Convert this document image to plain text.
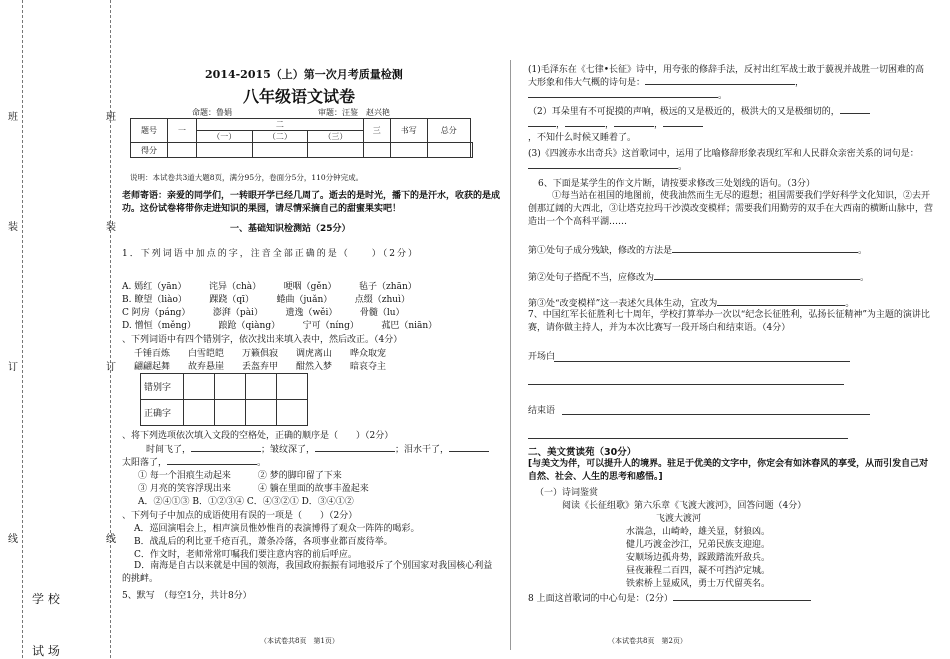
班
装
订
线
班
装
订
线
学 校
试 场
2014-2015（上）第一次月考质量检测
八年级语文试卷
命题：鲁娟	审题：汪鉴　赵兴艳
题号	一	二			三	书写	总分	
		（一）	（二）	（三）				
得分								
说明：本试卷共3道大题8页，满分95分，卷面分5分，110分钟完成。
老师寄语：亲爱的同学们，一转眼开学已经几周了。逝去的是时光，播下的是汗水，收获的是成功。这份试卷将带你走进知识的果园，请尽情采摘自己的甜蜜果实吧！
一、基础知识检测站（25分）
1．下列词语中加点的字，注音全部正确的是（　　）（2分）
A. 嫣红（yān）　　　诧异（chà）　　　哽咽（gěn）　　　毡子（zhān）
B. 瞭望（liào）　　　踝跷（qī）　　　蜷曲（juǎn）　　　点缀（zhuì）
C 阿房（páng）　　　澎湃（pài）　　　遗逸（wěi）　　　骨髓（lu）
D. 憎恒（měng）　　　踉跄（qiàng）　　　宁可（níng）　　　菰巴（niān）
、下列词语中有四个错别字，依次找出来填入表中，然后改正。（4分）
千锤百炼　　白雪皑皑　　万籁俱寂　　调虎离山　　哗众取宠
翩翩起舞　　故弃悬崖　　丢盔弃甲　　酣然入梦　　暗哀夺主
错别字				
正确字				
、将下列选项依次填入文段的空格处，正确的顺序是（　　）（2分）
时间飞了，	；皱纹深了，	；泪水干了，
太阳落了，	。
① 每一个泪痕生动起来　　　② 梦的脚印留了下来
③ 月亮的笑容浮现出来　　　④ 躺在里面的故事丰盈起来
A．②④①③ B．①②③④ C．④③②① D．③④①②
、下列句子中加点的成语使用有误的一项是（　　）（2分）
A．巡回演唱会上，相声演员惟妙惟肖的表演博得了观众一阵阵的喝彩。
B．战乱后的利比亚千疮百孔，萧条冷落，各项事业都百废待举。
C．作文时，老师常常叮嘱我们要注意内容的前后呼应。
D．南海是自古以来就是中国的领海，我国政府振振有词地驳斥了个别国家对我国核心利益的挑衅。
5、默写　（每空1分，共计8分）
（本试卷共8页　第1页）
(1)毛泽东在《七律•长征》诗中，用夸张的修辞手法，反衬出红军战士敢于藐视并战胜一切困难的高大形象和伟大气概的诗句是：	，
。
（2）耳朵里有不可捉摸的声响，极远的又是极近的，极洪大的又是极细切的，
，	，	，
，不知什么时候又睡着了。
(3)《四渡赤水出奇兵》这首歌词中，运用了比喻修辞形象表现红军和人民群众亲密关系的词句是：。
6、下面是某学生的作文片断，请按要求修改三处划线的语句。（3分）
①每当站在祖国的地图前，使我油然而生无尽的遐想；祖国需要我们学好科学文化知识，②去开创那辽阔的大西北，③让塔克拉玛干沙漠改变模样；需要我们用勤劳的双手在大西南的横断山脉中，营造出一个个高科平湖……
第①处句子成分残缺，修改的方法是	。
第②处句子搭配不当，应修改为	。
第③处“改变模样”这一表述欠具体生动，宜改为	。
7、中国红军长征胜利七十周年，学校打算举办一次以“纪念长征胜利，弘扬长征精神”为主题的演讲比赛，请你做主持人，并为本次比赛写一段开场白和结束语。（4分）
开场白
结束语
二、美文赏读苑（30分）
[与美文为伴，可以提升人的境界。驻足于优美的文字中，你定会有如沐春风的享受，从而引发自己对自然、社会、人生的思考和感悟。]
（一）诗词鉴赏
阅读《长征组歌》第六乐章《飞渡大渡河》，回答问题（4分）
飞渡大渡河
水湍急，山崎岭，雄关显，豺狼凶。
健儿巧渡金沙江，兄弟民族支迎迎。
安顺场边孤舟势，踩跋踏流歼敌兵。
昼夜兼程二百四，凝不可挡泸定城。
铁索桥上显威风，勇士万代留英名。
8 上面这首歌词的中心句是：（2分）
（本试卷共8页　第2页）
